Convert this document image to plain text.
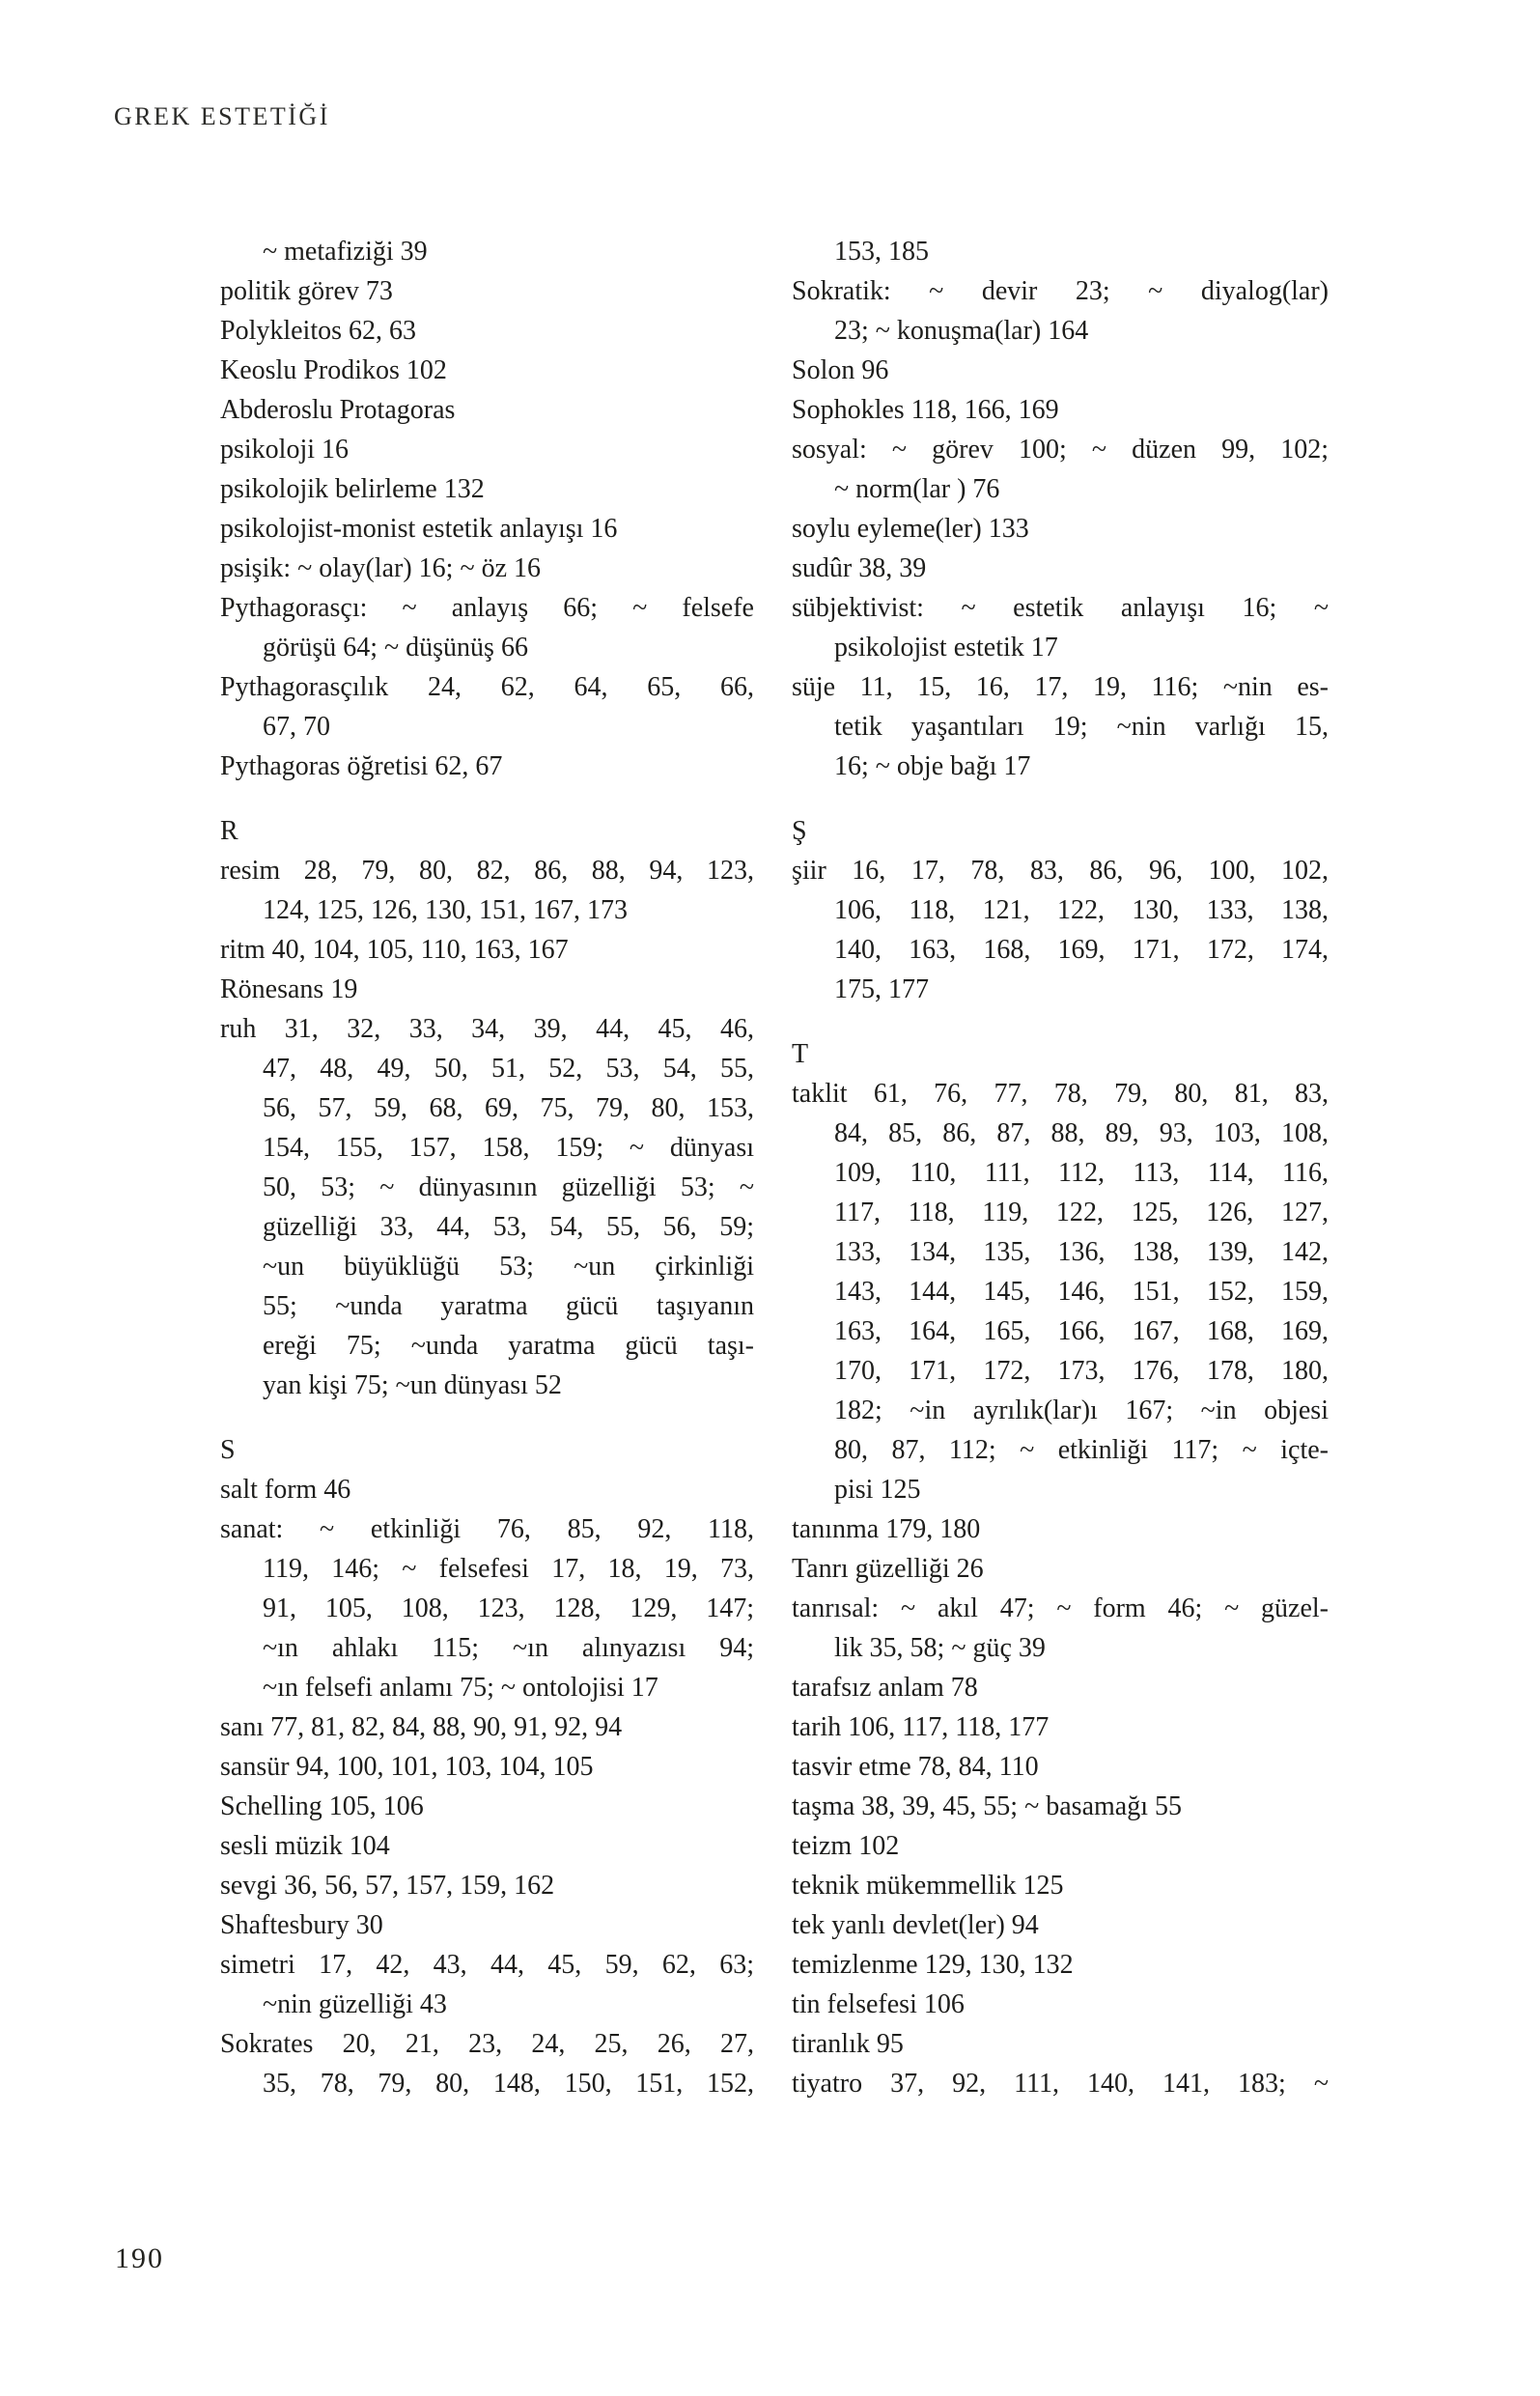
GREK ESTETİĞİ
~ metafiziği 39
politik görev 73
Polykleitos 62, 63
Keoslu Prodikos 102
Abderoslu Protagoras
psikoloji 16
psikolojik belirleme 132
psikolojist-monist estetik anlayışı 16
psişik: ~ olay(lar) 16; ~ öz 16
Pythagorasçı: ~ anlayış 66; ~ felsefe
görüşü 64; ~ düşünüş 66
Pythagorasçılık 24, 62, 64, 65, 66,
67, 70
Pythagoras öğretisi 62, 67
R
resim 28, 79, 80, 82, 86, 88, 94, 123,
124, 125, 126, 130, 151, 167, 173
ritm 40, 104, 105, 110, 163, 167
Rönesans 19
ruh 31, 32, 33, 34, 39, 44, 45, 46,
47, 48, 49, 50, 51, 52, 53, 54, 55,
56, 57, 59, 68, 69, 75, 79, 80, 153,
154, 155, 157, 158, 159; ~ dünyası
50, 53; ~ dünyasının güzelliği 53; ~
güzelliği 33, 44, 53, 54, 55, 56, 59;
~un büyüklüğü 53; ~un çirkinliği
55; ~unda yaratma gücü taşıyanın
ereği 75; ~unda yaratma gücü taşı-
yan kişi 75; ~un dünyası 52
S
salt form 46
sanat: ~ etkinliği 76, 85, 92, 118,
119, 146; ~ felsefesi 17, 18, 19, 73,
91, 105, 108, 123, 128, 129, 147;
~ın ahlakı 115; ~ın alınyazısı 94;
~ın felsefi anlamı 75; ~ ontolojisi 17
sanı 77, 81, 82, 84, 88, 90, 91, 92, 94
sansür 94, 100, 101, 103, 104, 105
Schelling 105, 106
sesli müzik 104
sevgi 36, 56, 57, 157, 159, 162
Shaftesbury 30
simetri 17, 42, 43, 44, 45, 59, 62, 63;
~nin güzelliği 43
Sokrates 20, 21, 23, 24, 25, 26, 27,
35, 78, 79, 80, 148, 150, 151, 152,
153, 185
Sokratik: ~ devir 23; ~ diyalog(lar)
23; ~ konuşma(lar) 164
Solon 96
Sophokles 118, 166, 169
sosyal: ~ görev 100; ~ düzen 99, 102;
~ norm(lar ) 76
soylu eyleme(ler) 133
sudûr 38, 39
sübjektivist: ~ estetik anlayışı 16; ~
psikolojist estetik 17
süje 11, 15, 16, 17, 19, 116; ~nin es-
tetik yaşantıları 19; ~nin varlığı 15,
16; ~ obje bağı 17
Ş
şiir 16, 17, 78, 83, 86, 96, 100, 102,
106, 118, 121, 122, 130, 133, 138,
140, 163, 168, 169, 171, 172, 174,
175, 177
T
taklit 61, 76, 77, 78, 79, 80, 81, 83,
84, 85, 86, 87, 88, 89, 93, 103, 108,
109, 110, 111, 112, 113, 114, 116,
117, 118, 119, 122, 125, 126, 127,
133, 134, 135, 136, 138, 139, 142,
143, 144, 145, 146, 151, 152, 159,
163, 164, 165, 166, 167, 168, 169,
170, 171, 172, 173, 176, 178, 180,
182; ~in ayrılık(lar)ı 167; ~in objesi
80, 87, 112; ~ etkinliği 117; ~ içte-
pisi 125
tanınma 179, 180
Tanrı güzelliği 26
tanrısal: ~ akıl 47; ~ form 46; ~ güzel-
lik 35, 58; ~ güç 39
tarafsız anlam 78
tarih 106, 117, 118, 177
tasvir etme 78, 84, 110
taşma 38, 39, 45, 55; ~ basamağı 55
teizm 102
teknik mükemmellik 125
tek yanlı devlet(ler) 94
temizlenme 129, 130, 132
tin felsefesi 106
tiranlık 95
tiyatro 37, 92, 111, 140, 141, 183; ~
190
